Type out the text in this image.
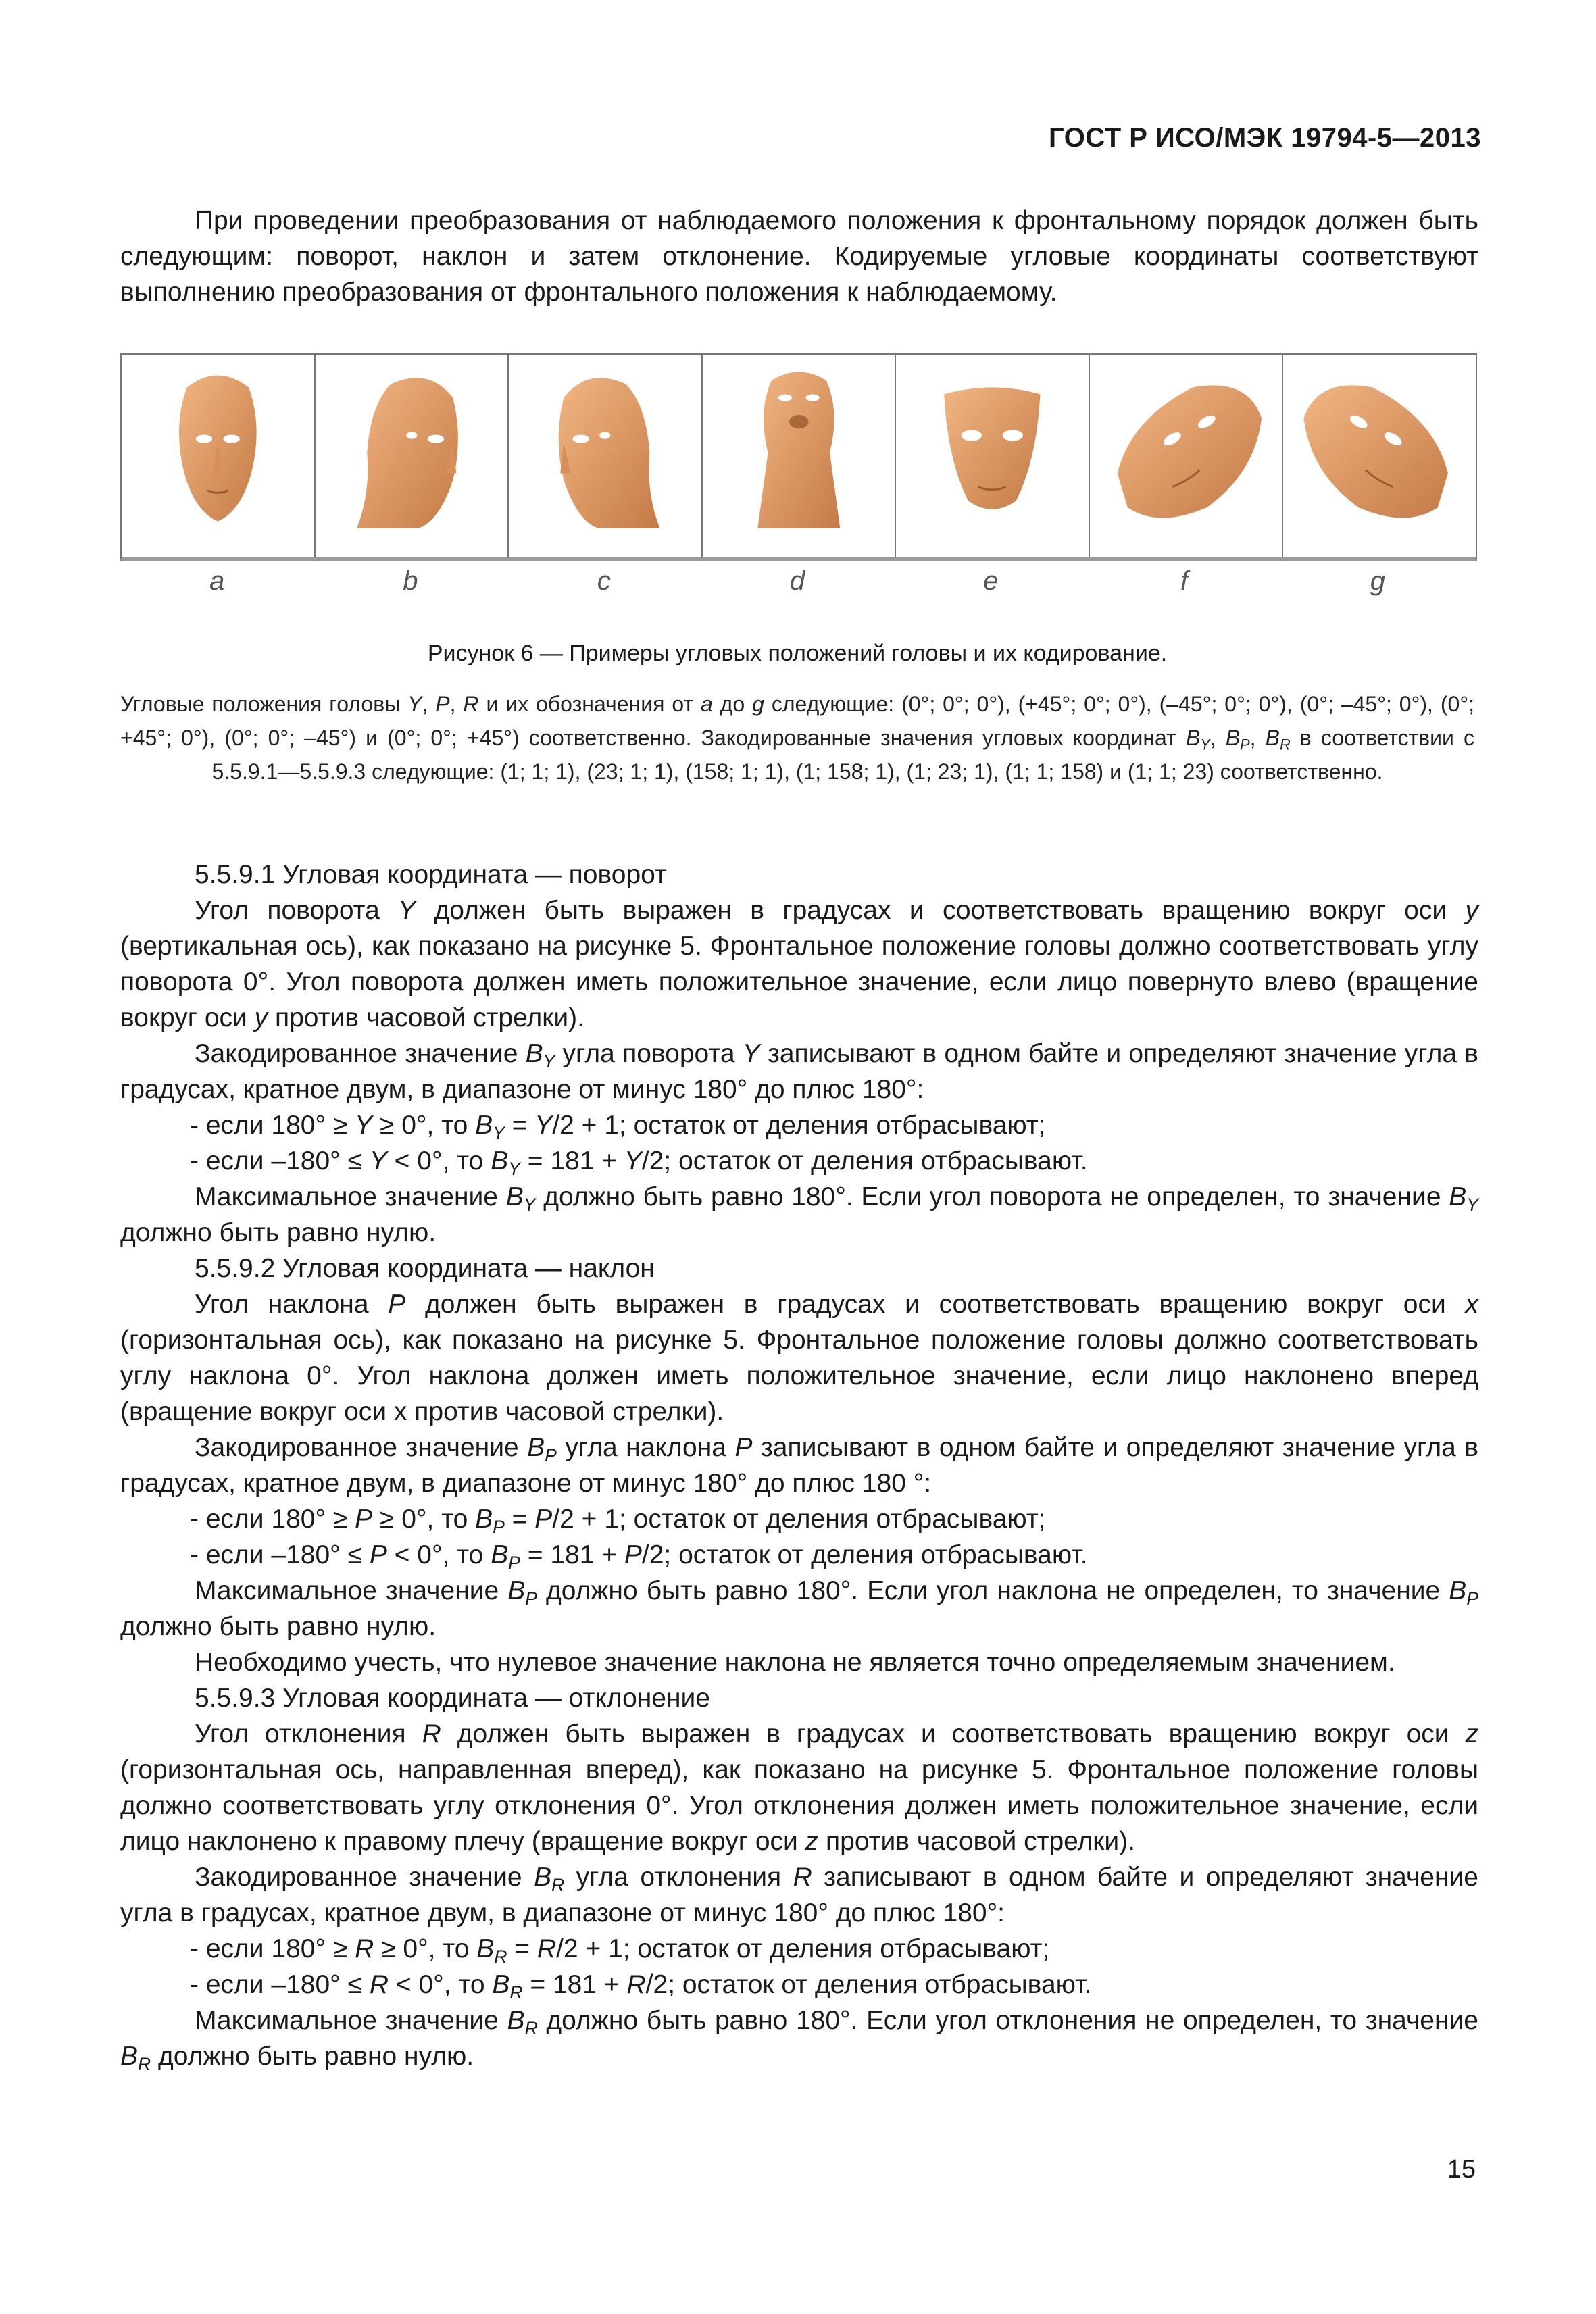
ГОСТ Р ИСО/МЭК 19794-5—2013

При проведении преобразования от наблюдаемого положения к фронтальному порядок должен быть следующим: поворот, наклон и затем отклонение. Кодируемые угловые координаты соответствуют выполнению преобразования от фронтального положения к наблюдаемому.

a	b	c	d	e	f	g
Рисунок 6 — Примеры угловых положений головы и их кодирование.
Угловые положения головы Y, P, R и их обозначения от a до g следующие: (0°; 0°; 0°), (+45°; 0°; 0°), (–45°; 0°; 0°), (0°; –45°; 0°), (0°; +45°; 0°), (0°; 0°; –45°) и (0°; 0°; +45°) соответственно. Закодированные значения угловых координат $B_Y$, $B_P$, $B_R$ в соответствии с 5.5.9.1—5.5.9.3 следующие: (1; 1; 1), (23; 1; 1), (158; 1; 1), (1; 158; 1), (1; 23; 1), (1; 1; 158) и (1; 1; 23) соответственно.

5.5.9.1 Угловая координата — поворот

Угол поворота Y должен быть выражен в градусах и соответствовать вращению вокруг оси y (вертикальная ось), как показано на рисунке 5. Фронтальное положение головы должно соответствовать углу поворота 0°. Угол поворота должен иметь положительное значение, если лицо повернуто влево (вращение вокруг оси y против часовой стрелки).

Закодированное значение $B_Y$ угла поворота Y записывают в одном байте и определяют значение угла в градусах, кратное двум, в диапазоне от минус 180° до плюс 180°:

- если 180° ≥ Y ≥ 0°, то $B_Y = Y/2 + 1$; остаток от деления отбрасывают;

- если –180° ≤ Y < 0°, то $B_Y = 181 + Y/2$; остаток от деления отбрасывают.

Максимальное значение $B_Y$ должно быть равно 180°. Если угол поворота не определен, то значение $B_Y$ должно быть равно нулю.

5.5.9.2 Угловая координата — наклон

Угол наклона P должен быть выражен в градусах и соответствовать вращению вокруг оси x (горизонтальная ось), как показано на рисунке 5. Фронтальное положение головы должно соответствовать углу наклона 0°. Угол наклона должен иметь положительное значение, если лицо наклонено вперед (вращение вокруг оси x против часовой стрелки).

Закодированное значение $B_P$ угла наклона P записывают в одном байте и определяют значение угла в градусах, кратное двум, в диапазоне от минус 180° до плюс 180 °:

- если 180° ≥ P ≥ 0°, то $B_P = P/2 + 1$; остаток от деления отбрасывают;

- если –180° ≤ P < 0°, то $B_P = 181 + P/2$; остаток от деления отбрасывают.

Максимальное значение $B_P$ должно быть равно 180°. Если угол наклона не определен, то значение $B_P$ должно быть равно нулю.

Необходимо учесть, что нулевое значение наклона не является точно определяемым значением.

5.5.9.3 Угловая координата — отклонение

Угол отклонения R должен быть выражен в градусах и соответствовать вращению вокруг оси z (горизонтальная ось, направленная вперед), как показано на рисунке 5. Фронтальное положение головы должно соответствовать углу отклонения 0°. Угол отклонения должен иметь положительное значение, если лицо наклонено к правому плечу (вращение вокруг оси z против часовой стрелки).

Закодированное значение $B_R$ угла отклонения R записывают в одном байте и определяют значение угла в градусах, кратное двум, в диапазоне от минус 180° до плюс 180°:

- если 180° ≥ R ≥ 0°, то $B_R = R/2 + 1$; остаток от деления отбрасывают;

- если –180° ≤ R < 0°, то $B_R = 181 + R/2$; остаток от деления отбрасывают.

Максимальное значение $B_R$ должно быть равно 180°. Если угол отклонения не определен, то значение $B_R$ должно быть равно нулю.

15
